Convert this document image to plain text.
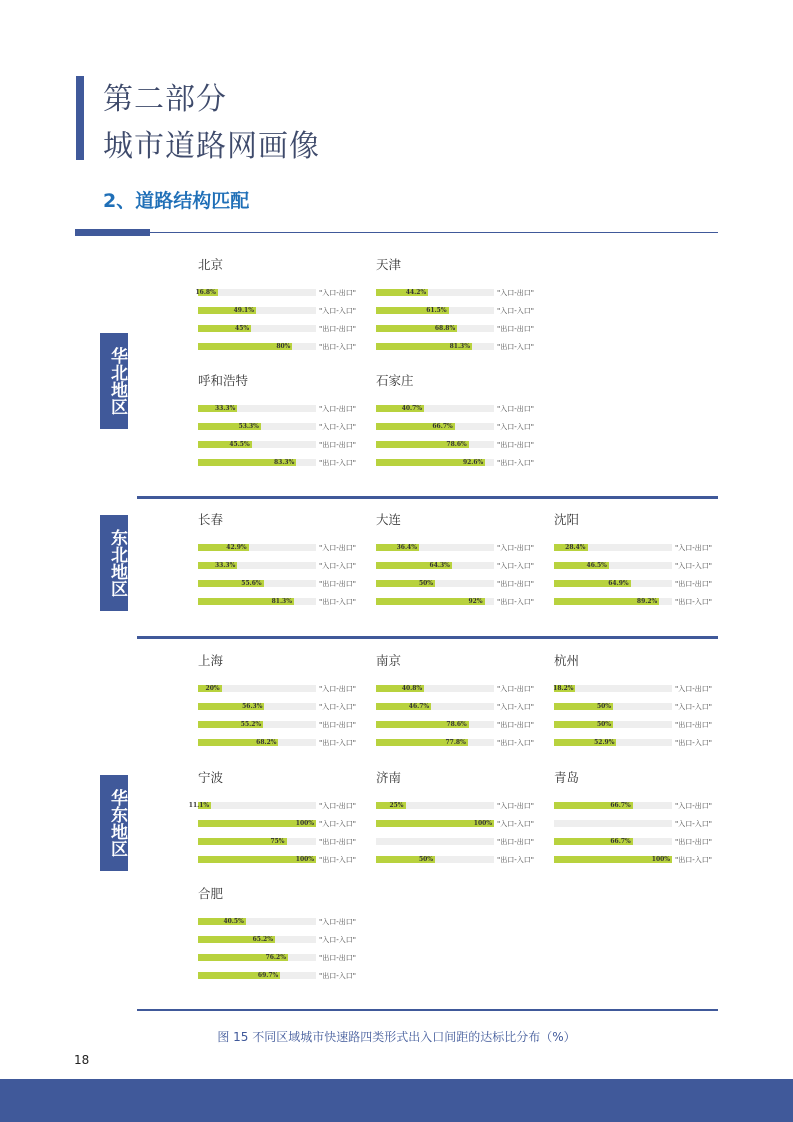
第二部分
城市道路网画像
2、道路结构匹配
华北地区
东北地区
华东地区
北京
16.8%	"入口-出口"
49.1%	"入口-入口"
45%	"出口-出口"
80%	"出口-入口"
天津
44.2%	"入口-出口"
61.5%	"入口-入口"
68.8%	"出口-出口"
81.3%	"出口-入口"
呼和浩特
33.3%	"入口-出口"
53.3%	"入口-入口"
45.5%	"出口-出口"
83.3%	"出口-入口"
石家庄
40.7%	"入口-出口"
66.7%	"入口-入口"
78.6%	"出口-出口"
92.6% "出口-入口"
长春
42.9%	"入口-出口"
33.3%	"入口-入口"
55.6%	"出口-出口"
81.3%	"出口-入口"
大连
36.4%	"入口-出口"
64.3%	"入口-入口"
50%	"出口-出口"
92% "出口-入口"
沈阳
28.4%	"入口-出口"
46.5%	"入口-入口"
64.9%	"出口-出口"
89.2%	"出口-入口"
上海
20%	"入口-出口"
56.3%	"入口-入口"
55.2%	"出口-出口"
68.2%	"出口-入口"
南京
40.8%	"入口-出口"
46.7%	"入口-入口"
78.6%	"出口-出口"
77.8%	"出口-入口"
杭州
18.2%	"入口-出口"
50%	"入口-入口"
50%	"出口-出口"
52.9%	"出口-入口"
宁波
11.1%	"入口-出口"
100% "入口-入口"
75%	"出口-出口"
100% "出口-入口"
济南
25%	"入口-出口"
100% "入口-入口"
"出口-出口"
50%	"出口-入口"
青岛
66.7%	"入口-出口"
"入口-入口"
66.7%	"出口-出口"
100% "出口-入口"
合肥
40.5%	"入口-出口"
65.2%	"入口-入口"
76.2%	"出口-出口"
69.7%	"出口-入口"
图 15 不同区域城市快速路四类形式出入口间距的达标比分布（%）
18
